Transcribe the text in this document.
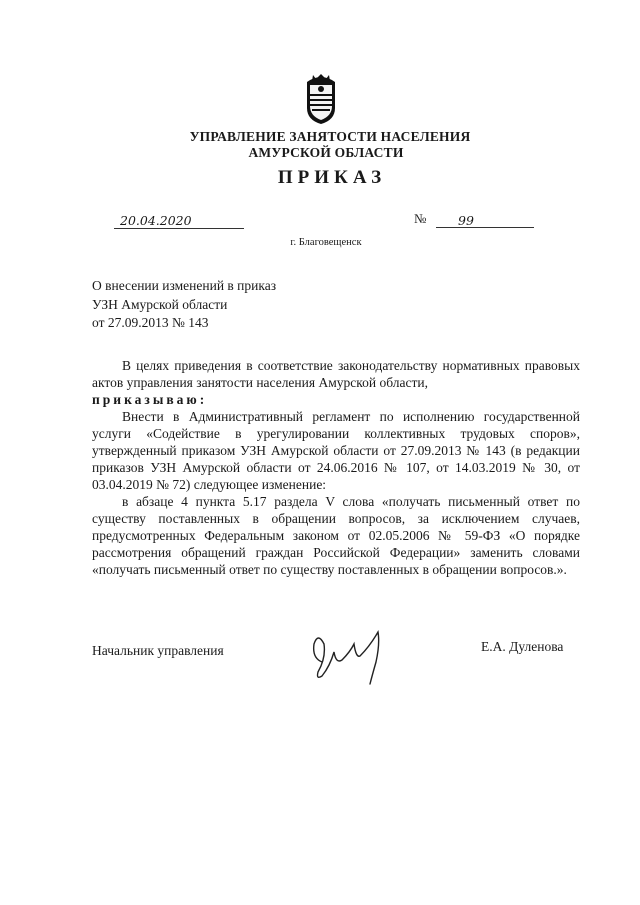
УПРАВЛЕНИЕ ЗАНЯТОСТИ НАСЕЛЕНИЯ
АМУРСКОЙ ОБЛАСТИ
ПРИКАЗ
20.04.2020	№	99
г. Благовещенск
О внесении изменений в приказ
УЗН Амурской области
от 27.09.2013 № 143

В целях приведения в соответствие законодательству нормативных правовых актов управления занятости населения Амурской области,

приказываю:

Внести в Административный регламент по исполнению государственной услуги «Содействие в урегулировании коллективных трудовых споров», утвержденный приказом УЗН Амурской области от 27.09.2013 № 143 (в редакции приказов УЗН Амурской области от 24.06.2016 № 107, от 14.03.2019 № 30, от 03.04.2019 № 72) следующее изменение:

в абзаце 4 пункта 5.17 раздела V слова «получать письменный ответ по существу поставленных в обращении вопросов, за исключением случаев, предусмотренных Федеральным законом от 02.05.2006 № 59-ФЗ «О порядке рассмотрения обращений граждан Российской Федерации» заменить словами «получать письменный ответ по существу поставленных в обращении вопросов.».

Начальник управления	Е.А. Дуленова
